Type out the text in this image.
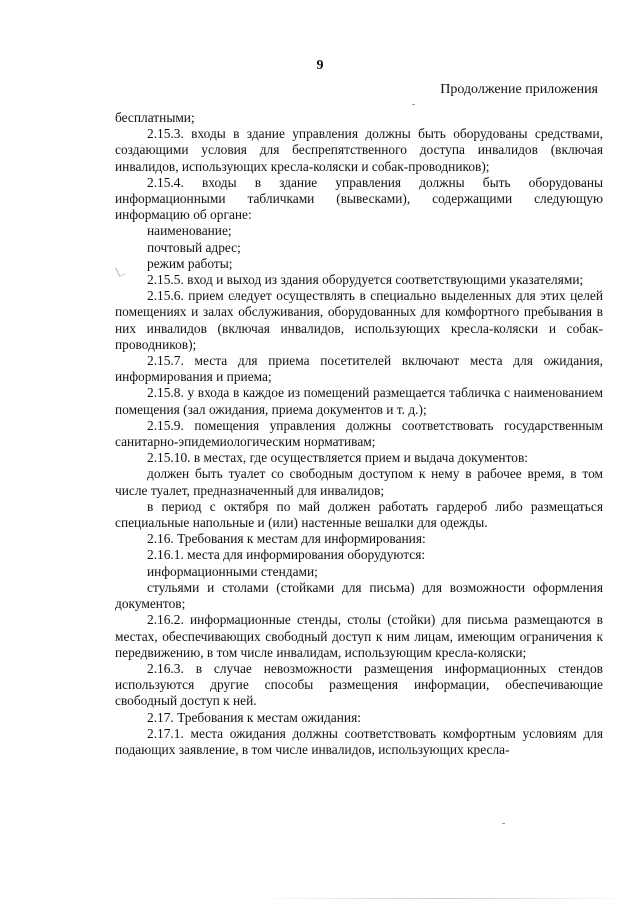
9
Продолжение приложения

бесплатными;

2.15.3. входы в здание управления должны быть оборудованы средствами, создающими условия для беспрепятственного доступа инвалидов (включая инвалидов, использующих кресла-коляски и собак-проводников);

2.15.4. входы в здание управления должны быть оборудованы информационными табличками (вывесками), содержащими следующую информацию об органе:

наименование;

почтовый адрес;

режим работы;

2.15.5. вход и выход из здания оборудуется соответствующими указателями;

2.15.6. прием следует осуществлять в специально выделенных для этих целей помещениях и залах обслуживания, оборудованных для комфортного пребывания в них инвалидов (включая инвалидов, использующих кресла-коляски и собак-проводников);

2.15.7. места для приема посетителей включают места для ожидания, информирования и приема;

2.15.8. у входа в каждое из помещений размещается табличка с наименованием помещения (зал ожидания, приема документов и т. д.);

2.15.9. помещения управления должны соответствовать государственным санитарно-эпидемиологическим нормативам;

2.15.10. в местах, где осуществляется прием и выдача документов:

должен быть туалет со свободным доступом к нему в рабочее время, в том числе туалет, предназначенный для инвалидов;

в период с октября по май должен работать гардероб либо размещаться специальные напольные и (или) настенные вешалки для одежды.

2.16. Требования к местам для информирования:

2.16.1. места для информирования оборудуются:

информационными стендами;

стульями и столами (стойками для письма) для возможности оформления документов;

2.16.2. информационные стенды, столы (стойки) для письма размещаются в местах, обеспечивающих свободный доступ к ним лицам, имеющим ограничения к передвижению, в том числе инвалидам, использующим кресла-коляски;

2.16.3. в случае невозможности размещения информационных стендов используются другие способы размещения информации, обеспечивающие свободный доступ к ней.

2.17. Требования к местам ожидания:

2.17.1. места ожидания должны соответствовать комфортным условиям для подающих заявление, в том числе инвалидов, использующих кресла-
